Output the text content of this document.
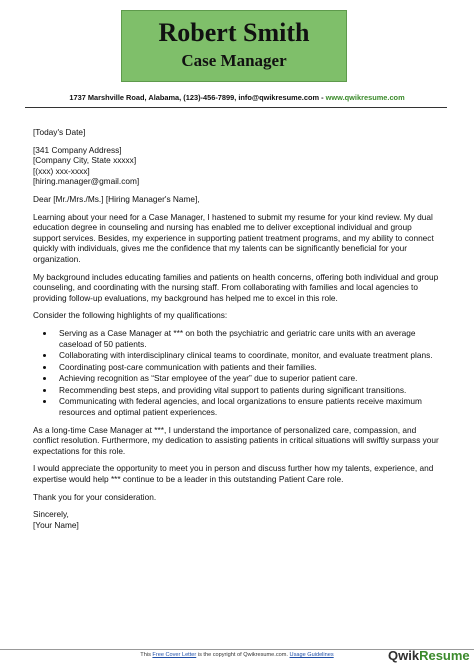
Robert Smith
Case Manager
1737 Marshville Road, Alabama, (123)-456-7899, info@qwikresume.com - www.qwikresume.com

[Today's Date]

[341 Company Address]
[Company City, State xxxxx]
[(xxx) xxx-xxxx]
[hiring.manager@gmail.com]

Dear [Mr./Mrs./Ms.] [Hiring Manager's Name],

Learning about your need for a Case Manager, I hastened to submit my resume for your kind review. My dual education degree in counseling and nursing has enabled me to deliver exceptional individual and group support services. Besides, my experience in supporting patient treatment programs, and my ability to connect quickly with individuals, gives me the confidence that my talents can be significantly beneficial for your organization.

My background includes educating families and patients on health concerns, offering both individual and group counseling, and coordinating with the nursing staff. From collaborating with families and local agencies to providing follow-up evaluations, my background has helped me to excel in this role.

Consider the following highlights of my qualifications:

• Serving as a Case Manager at *** on both the psychiatric and geriatric care units with an average caseload of 50 patients.
• Collaborating with interdisciplinary clinical teams to coordinate, monitor, and evaluate treatment plans.
• Coordinating post-care communication with patients and their families.
• Achieving recognition as “Star employee of the year” due to superior patient care.
• Recommending best steps, and providing vital support to patients during significant transitions.
• Communicating with federal agencies, and local organizations to ensure patients receive maximum resources and optimal patient experiences.

As a long-time Case Manager at ***, I understand the importance of personalized care, compassion, and conflict resolution. Furthermore, my dedication to assisting patients in critical situations will swiftly surpass your expectations for this role.

I would appreciate the opportunity to meet you in person and discuss further how my talents, experience, and expertise would help *** continue to be a leader in this outstanding Patient Care role.

Thank you for your consideration.

Sincerely,
[Your Name]
This Free Cover Letter is the copyright of Qwikresume.com. Usage Guidelines	QwikResume
